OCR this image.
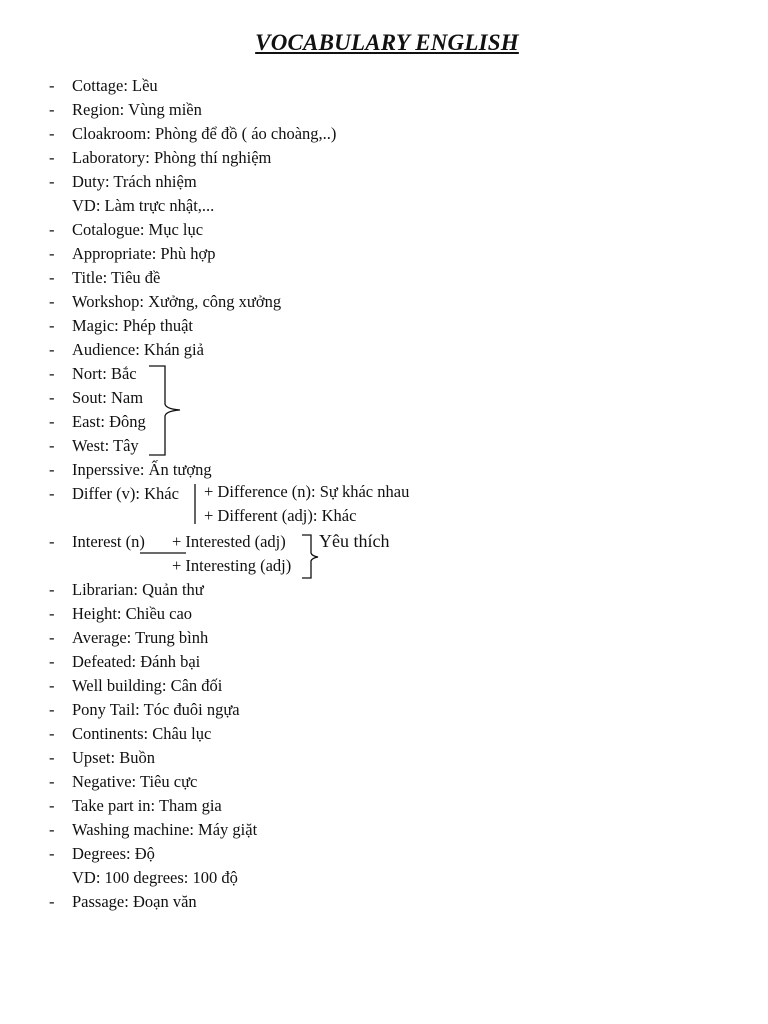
VOCABULARY ENGLISH
- Cottage: Lều
- Region: Vùng miền
- Cloakroom: Phòng để đồ ( áo choàng,..)
- Laboratory: Phòng thí nghiệm
- Duty: Trách nhiệm
VD: Làm trực nhật,...
- Cotalogue: Mục lục
- Appropriate: Phù hợp
- Title: Tiêu đề
- Workshop: Xưởng, công xưởng
- Magic: Phép thuật
- Audience: Khán giả
- Nort: Bắc
- Sout: Nam
- East: Đông
- West: Tây
- Inperssive: Ấn tượng
- Differ (v): Khác
- Interest (n)
- Librarian: Quản thư
- Height: Chiều cao
- Average: Trung bình
- Defeated: Đánh bại
- Well building: Cân đối
- Pony Tail: Tóc đuôi ngựa
- Continents: Châu lục
- Upset: Buồn
- Negative: Tiêu cực
- Take part in: Tham gia
- Washing machine: Máy giặt
- Degrees: Độ
VD: 100 degrees: 100 độ
- Passage: Đoạn văn
+ Difference (n): Sự khác nhau
+ Different (adj): Khác
+ Interested (adj)
+ Interesting (adj)
Yêu thích
